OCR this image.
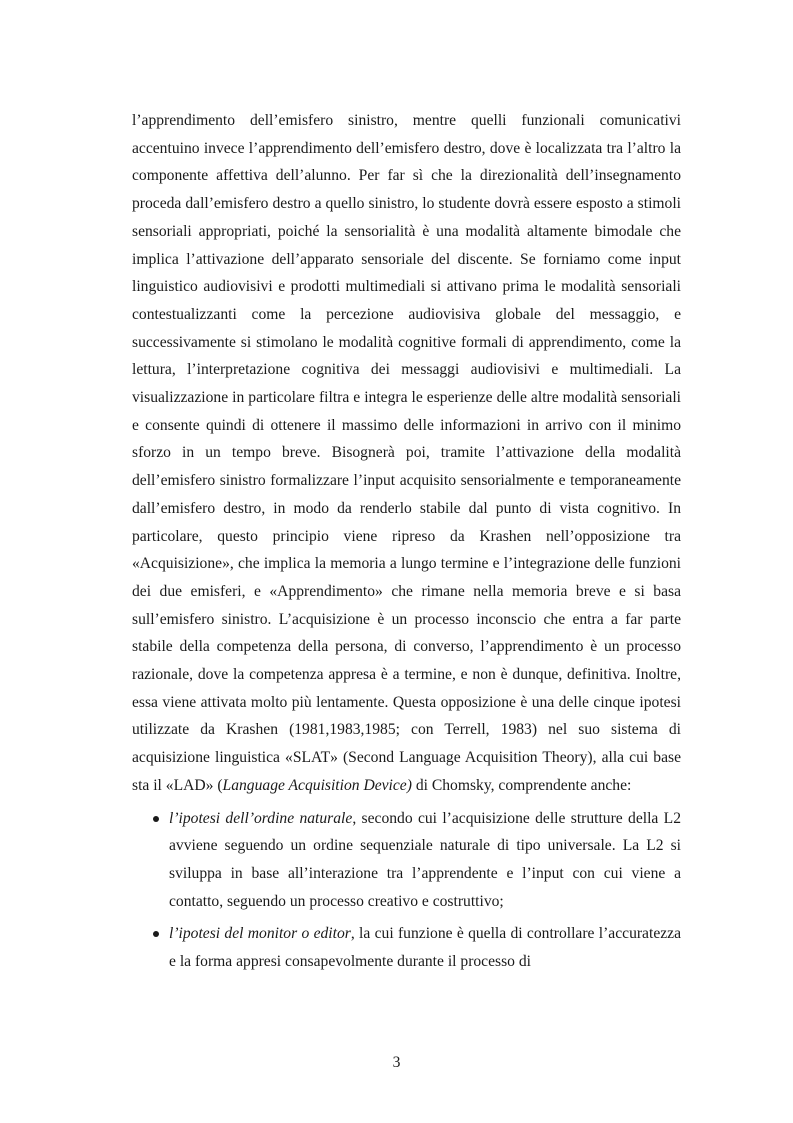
l’apprendimento dell’emisfero sinistro, mentre quelli funzionali comunicativi accentuino invece l’apprendimento dell’emisfero destro, dove è localizzata tra l’altro la componente affettiva dell’alunno. Per far sì che la direzionalità dell’insegnamento proceda dall’emisfero destro a quello sinistro, lo studente dovrà essere esposto a stimoli sensoriali appropriati, poiché la sensorialità è una modalità altamente bimodale che implica l’attivazione dell’apparato sensoriale del discente. Se forniamo come input linguistico audiovisivi e prodotti multimediali si attivano prima le modalità sensoriali contestualizzanti come la percezione audiovisiva globale del messaggio, e successivamente si stimolano le modalità cognitive formali di apprendimento, come la lettura, l’interpretazione cognitiva dei messaggi audiovisivi e multimediali. La visualizzazione in particolare filtra e integra le esperienze delle altre modalità sensoriali e consente quindi di ottenere il massimo delle informazioni in arrivo con il minimo sforzo in un tempo breve. Bisognerà poi, tramite l’attivazione della modalità dell’emisfero sinistro formalizzare l’input acquisito sensorialmente e temporaneamente dall’emisfero destro, in modo da renderlo stabile dal punto di vista cognitivo. In particolare, questo principio viene ripreso da Krashen nell’opposizione tra «Acquisizione», che implica la memoria a lungo termine e l’integrazione delle funzioni dei due emisferi, e «Apprendimento» che rimane nella memoria breve e si basa sull’emisfero sinistro. L’acquisizione è un processo inconscio che entra a far parte stabile della competenza della persona, di converso, l’apprendimento è un processo razionale, dove la competenza appresa è a termine, e non è dunque, definitiva. Inoltre, essa viene attivata molto più lentamente. Questa opposizione è una delle cinque ipotesi utilizzate da Krashen (1981,1983,1985; con Terrell, 1983) nel suo sistema di acquisizione linguistica «SLAT» (Second Language Acquisition Theory), alla cui base sta il «LAD» (Language Acquisition Device) di Chomsky, comprendente anche:

l’ipotesi dell’ordine naturale, secondo cui l’acquisizione delle strutture della L2 avviene seguendo un ordine sequenziale naturale di tipo universale. La L2 si sviluppa in base all’interazione tra l’apprendente e l’input con cui viene a contatto, seguendo un processo creativo e costruttivo;

l’ipotesi del monitor o editor, la cui funzione è quella di controllare l’accuratezza e la forma appresi consapevolmente durante il processo di

3
